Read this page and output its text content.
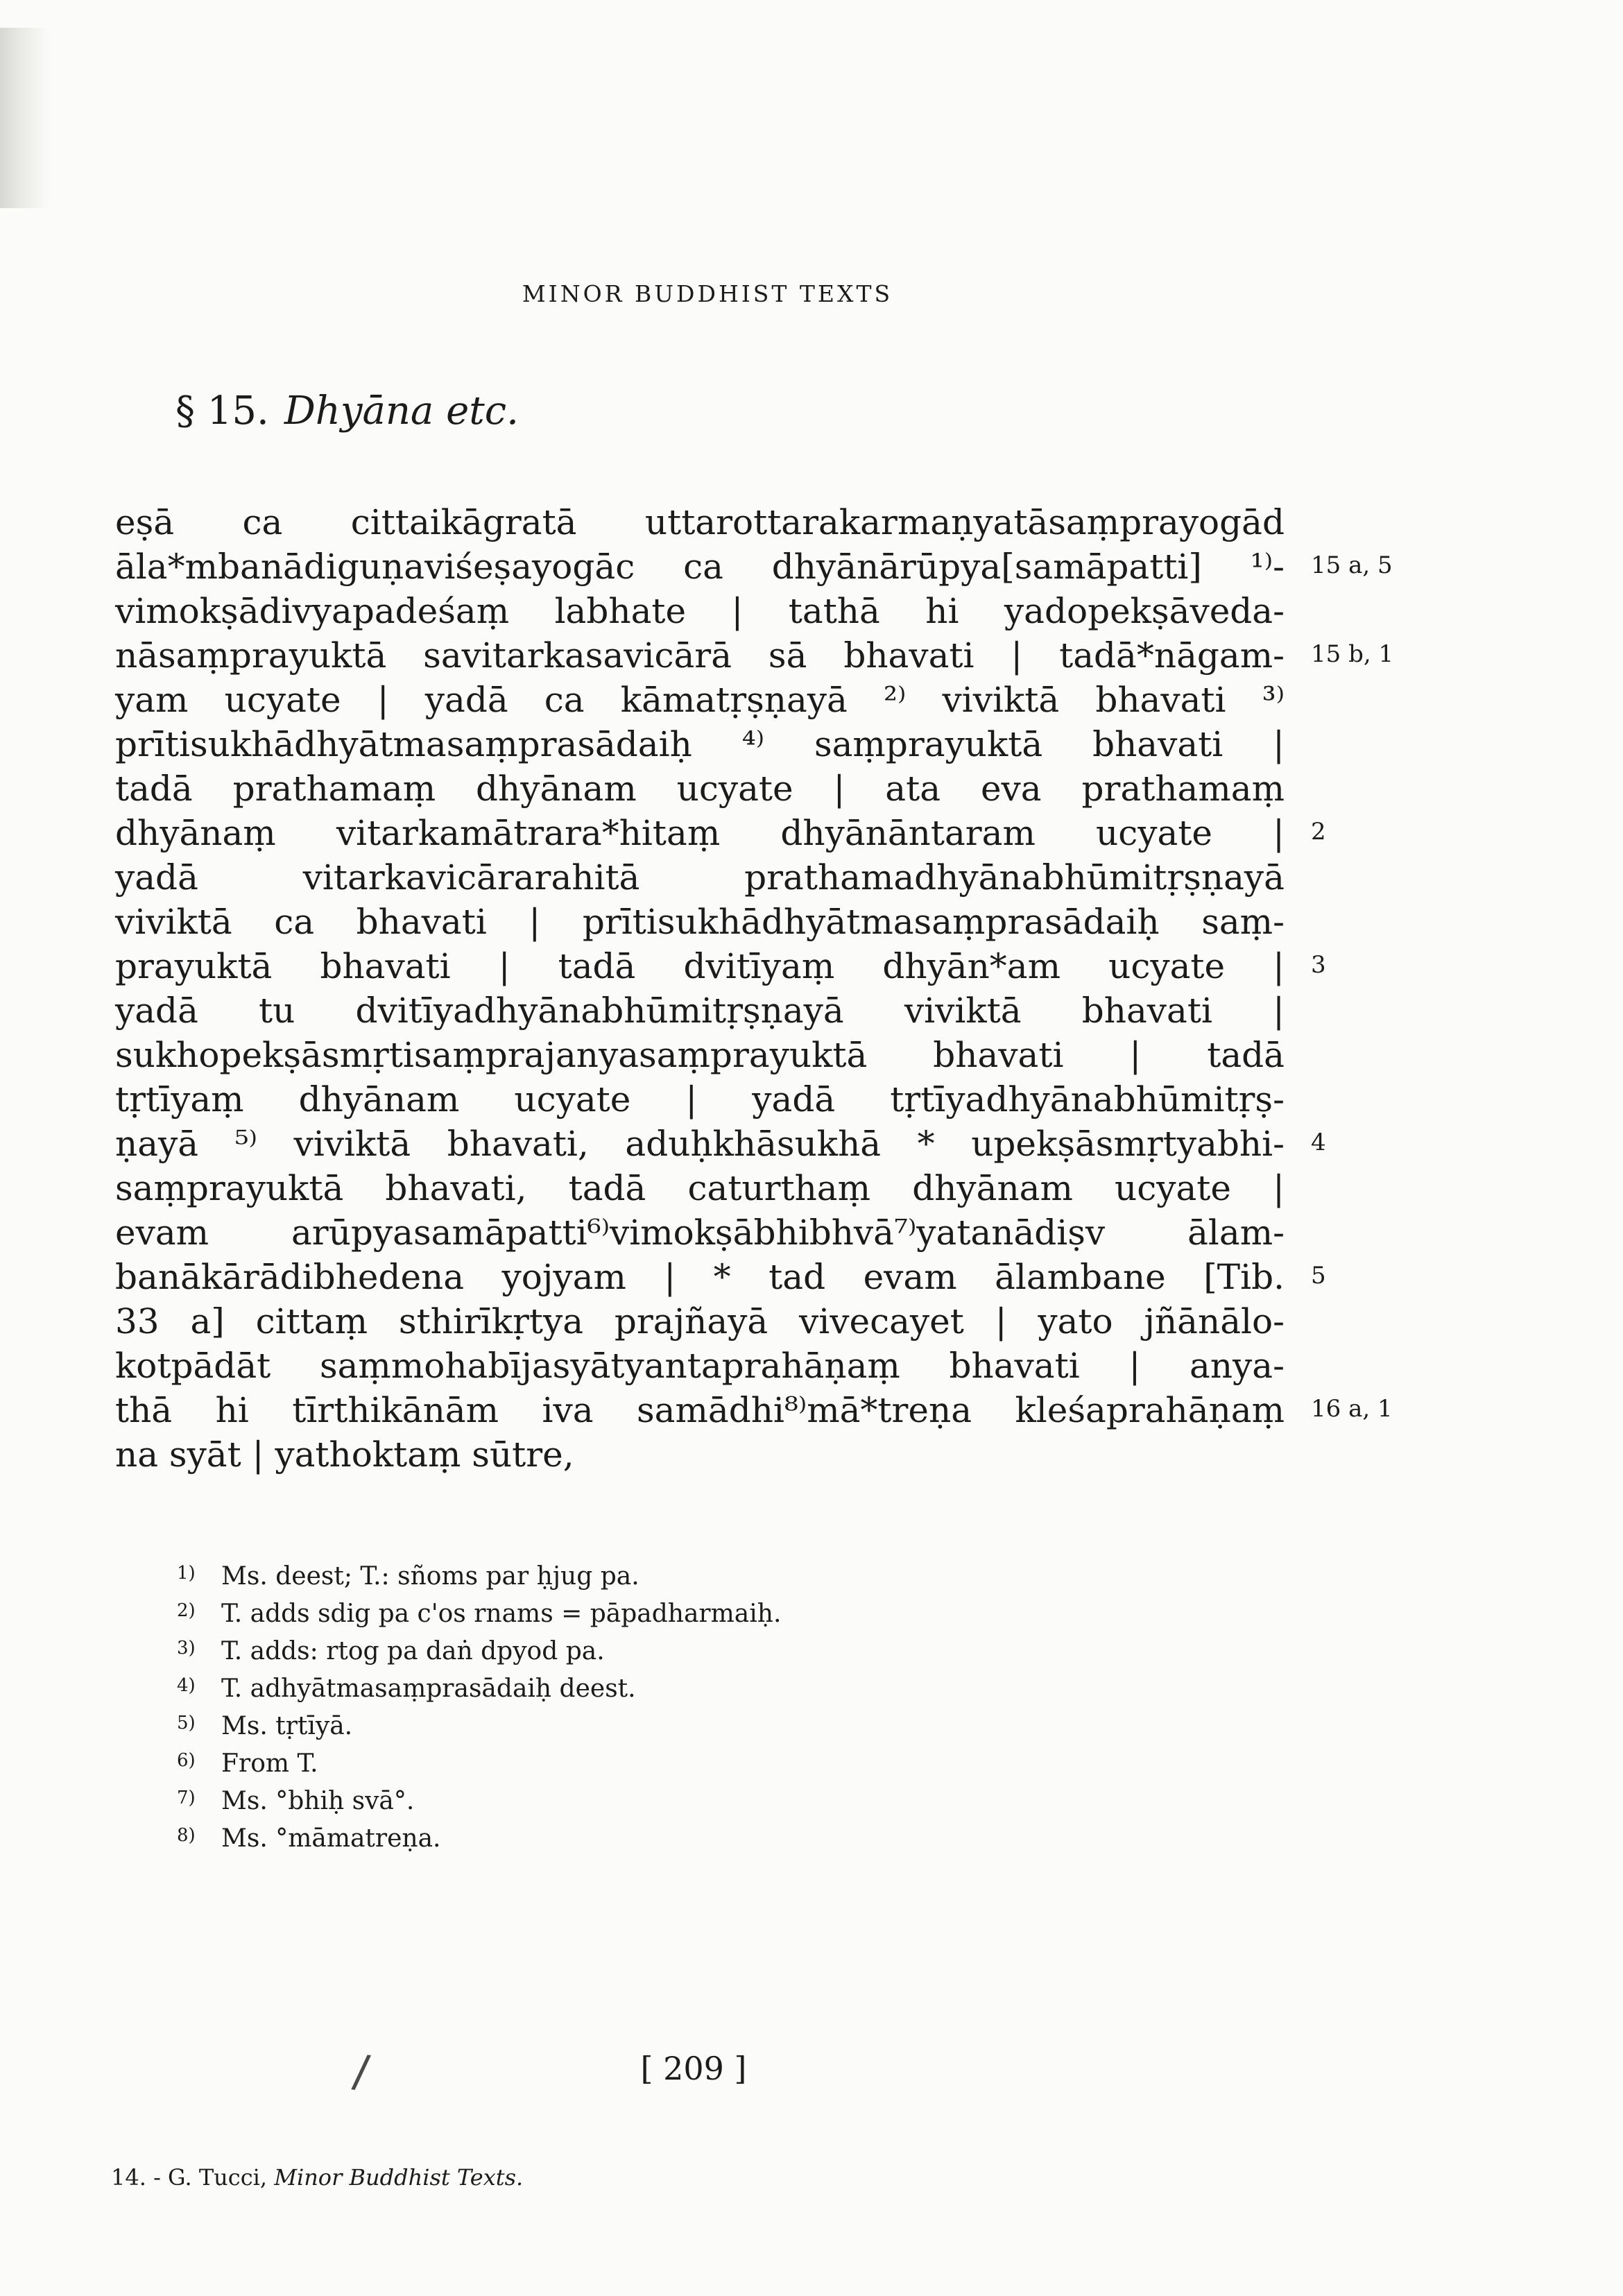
MINOR BUDDHIST TEXTS
§ 15. Dhyāna etc.
eṣā ca cittaikāgratā uttarottarakarmaṇyatāsaṃprayogād
āla*mbanādiguṇaviśeṣayogāc ca dhyānārūpya[samāpatti] ¹⁾-
vimokṣādivyapadeśaṃ labhate | tathā hi yadopekṣāveda-
nāsaṃprayuktā savitarkasavicārā sā bhavati | tadā*nāgam-
yam ucyate | yadā ca kāmatṛṣṇayā ²⁾ viviktā bhavati ³⁾
prītisukhādhyātmasaṃprasādaiḥ ⁴⁾ saṃprayuktā bhavati |
tadā prathamaṃ dhyānam ucyate | ata eva prathamaṃ
dhyānaṃ vitarkamātrara*hitaṃ dhyānāntaram ucyate |
yadā vitarkavicārarahitā prathamadhyānabhūmitṛṣṇayā
viviktā ca bhavati | prītisukhādhyātmasaṃprasādaiḥ saṃ-
prayuktā bhavati | tadā dvitīyaṃ dhyān*am ucyate |
yadā tu dvitīyadhyānabhūmitṛṣṇayā viviktā bhavati |
sukhopekṣāsmṛtisaṃprajanyasaṃprayuktā bhavati | tadā
tṛtīyaṃ dhyānam ucyate | yadā tṛtīyadhyānabhūmitṛṣ-
ṇayā ⁵⁾ viviktā bhavati, aduḥkhāsukhā * upekṣāsmṛtyabhi-
saṃprayuktā bhavati, tadā caturthaṃ dhyānam ucyate |
evam arūpyasamāpatti⁶⁾vimokṣābhibhvā⁷⁾yatanādiṣv ālam-
banākārādibhedena yojyam | * tad evam ālambane [Tib.
33 a] cittaṃ sthirīkṛtya prajñayā vivecayet | yato jñānālo-
kotpādāt saṃmohabījasyātyantaprahāṇaṃ bhavati | anya-
thā hi tīrthikānām iva samādhi⁸⁾mā*treṇa kleśaprahāṇaṃ
na syāt | yathoktaṃ sūtre,
15 a, 5
15 b, 1
2
3
4
5
16 a, 1
1) Ms. deest; T.: sñoms par ḥjug pa.
2) T. adds sdig pa c'os rnams = pāpadharmaiḥ.
3) T. adds: rtog pa daṅ dpyod pa.
4) T. adhyātmasaṃprasādaiḥ deest.
5) Ms. tṛtīyā.
6) From T.
7) Ms. °bhiḥ svā°.
8) Ms. °māmatreṇa.
/	[ 209 ]
14. - G. Tucci, Minor Buddhist Texts.
